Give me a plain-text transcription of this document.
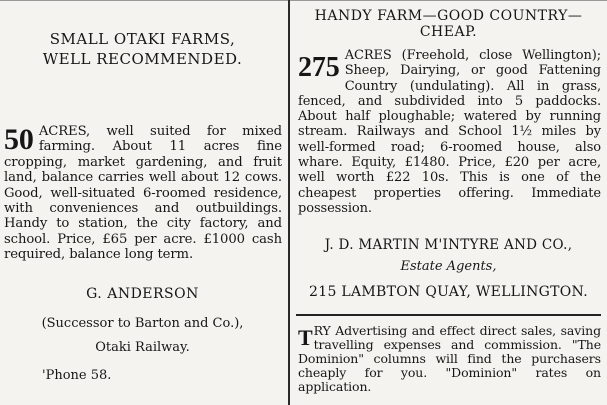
SMALL OTAKI FARMS,
WELL RECOMMENDED.
50 ACRES, well suited for mixed farming. About 11 acres fine cropping, market gardening, and fruit land, balance carries well about 12 cows. Good, well-situated 6-roomed residence, with conveniences and outbuildings. Handy to station, the city factory, and school. Price, £65 per acre. £1000 cash required, balance long term.
G. ANDERSON
(Successor to Barton and Co.),
Otaki Railway.
'Phone 58.
HANDY FARM—GOOD COUNTRY—
CHEAP.
275 ACRES (Freehold, close Wellington); Sheep, Dairying, or good Fattening Country (undulating). All in grass, fenced, and subdivided into 5 paddocks. About half ploughable; watered by running stream. Railways and School 1½ miles by well-formed road; 6-roomed house, also whare. Equity, £1480. Price, £20 per acre, well worth £22 10s. This is one of the cheapest properties offering. Immediate possession.
J. D. MARTIN M'INTYRE AND CO.,
Estate Agents,
215 LAMBTON QUAY, WELLINGTON.
T RY Advertising and effect direct sales, saving travelling expenses and commission. "The Dominion" columns will find the purchasers cheaply for you. "Dominion" rates on application.
